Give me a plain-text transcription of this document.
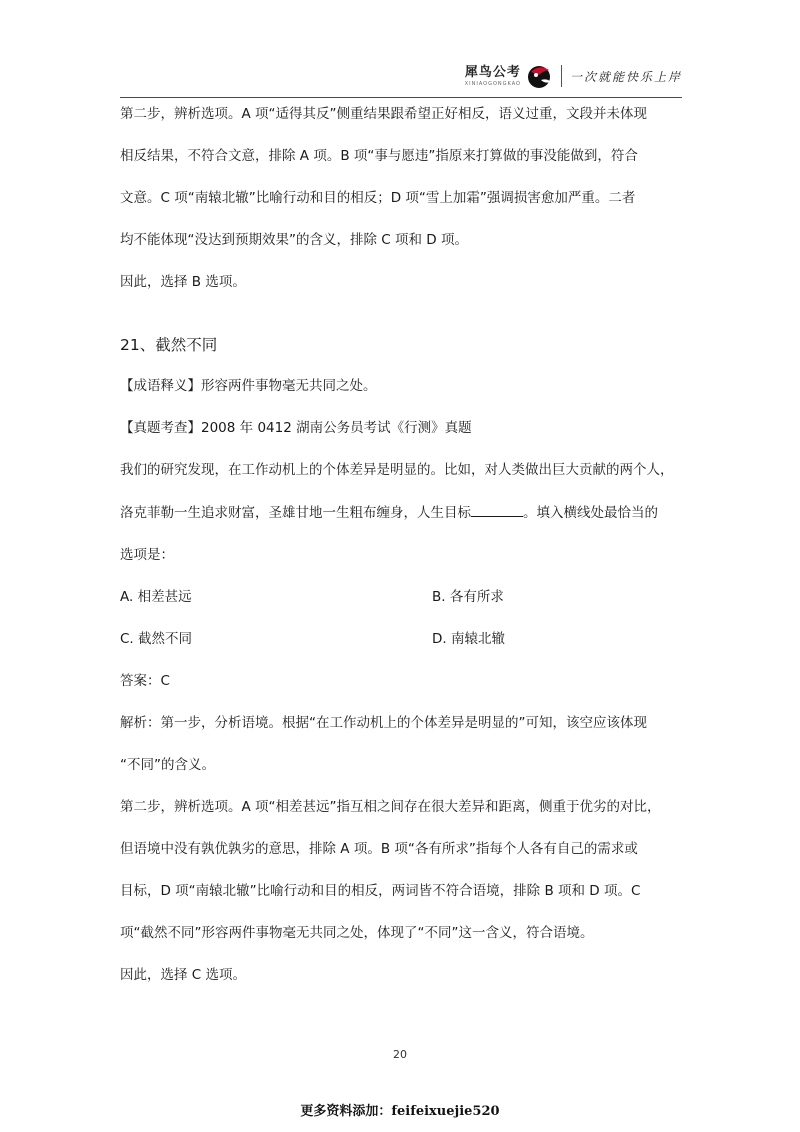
犀鸟公考
XINIAOGONGKAO	一次就能快乐上岸

第二步，辨析选项。A 项“适得其反”侧重结果跟希望正好相反，语义过重，文段并未体现

相反结果，不符合文意，排除 A 项。B 项“事与愿违”指原来打算做的事没能做到，符合

文意。C 项“南辕北辙”比喻行动和目的相反；D 项“雪上加霜”强调损害愈加严重。二者

均不能体现“没达到预期效果”的含义，排除 C 项和 D 项。

因此，选择 B 选项。

21、截然不同

【成语释义】形容两件事物毫无共同之处。

【真题考查】2008 年 0412 湖南公务员考试《行测》真题

我们的研究发现，在工作动机上的个体差异是明显的。比如，对人类做出巨大贡献的两个人，

洛克菲勒一生追求财富，圣雄甘地一生粗布缠身，人生目标	。填入横线处最恰当的

选项是：

A. 相差甚远	B. 各有所求
C. 截然不同	D. 南辕北辙

答案：C

解析：第一步，分析语境。根据“在工作动机上的个体差异是明显的”可知，该空应该体现

“不同”的含义。

第二步，辨析选项。A 项“相差甚远”指互相之间存在很大差异和距离，侧重于优劣的对比，

但语境中没有孰优孰劣的意思，排除 A 项。B 项“各有所求”指每个人各有自己的需求或

目标，D 项“南辕北辙”比喻行动和目的相反，两词皆不符合语境，排除 B 项和 D 项。C

项“截然不同”形容两件事物毫无共同之处，体现了“不同”这一含义，符合语境。

因此，选择 C 选项。

20
更多资料添加：feifeixuejie520
